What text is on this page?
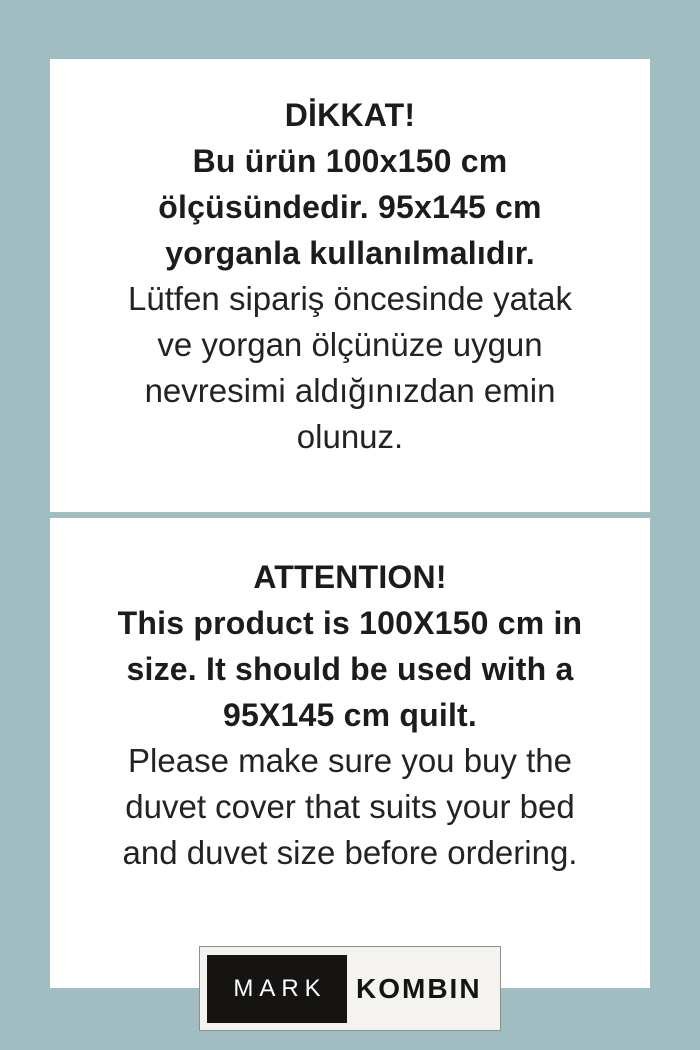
DİKKAT!
Bu ürün 100x150 cm
ölçüsündedir. 95x145 cm
yorganla kullanılmalıdır.
Lütfen sipariş öncesinde yatak
ve yorgan ölçünüze uygun
nevresimi aldığınızdan emin
olunuz.
ATTENTION!
This product is 100X150 cm in
size. It should be used with a
95X145 cm quilt.
Please make sure you buy the
duvet cover that suits your bed
and duvet size before ordering.
MARK KOMBIN
